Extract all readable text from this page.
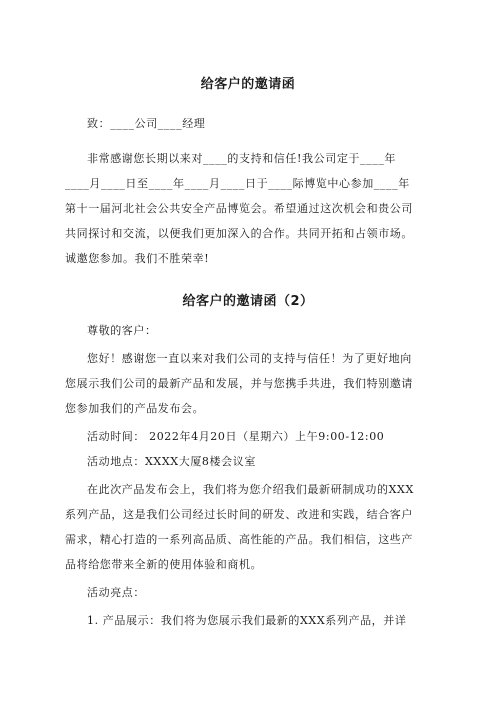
给客户的邀请函
致：____公司____经理
非常感谢您长期以来对____的支持和信任!我公司定于____年
____月____日至____年____月____日于____际博览中心参加____年
第十一届河北社会公共安全产品博览会。希望通过这次机会和贵公司
共同探讨和交流，以便我们更加深入的合作。共同开拓和占领市场。
诚邀您参加。我们不胜荣幸!
给客户的邀请函（2）
尊敬的客户：
您好！感谢您一直以来对我们公司的支持与信任！为了更好地向
您展示我们公司的最新产品和发展，并与您携手共进，我们特别邀请
您参加我们的产品发布会。
活动时间： 2022年4月20日（星期六）上午9:00-12:00
活动地点：XXXX大厦8楼会议室
在此次产品发布会上，我们将为您介绍我们最新研制成功的XXX
系列产品，这是我们公司经过长时间的研发、改进和实践，结合客户
需求，精心打造的一系列高品质、高性能的产品。我们相信，这些产
品将给您带来全新的使用体验和商机。
活动亮点：
1. 产品展示：我们将为您展示我们最新的XXX系列产品，并详
